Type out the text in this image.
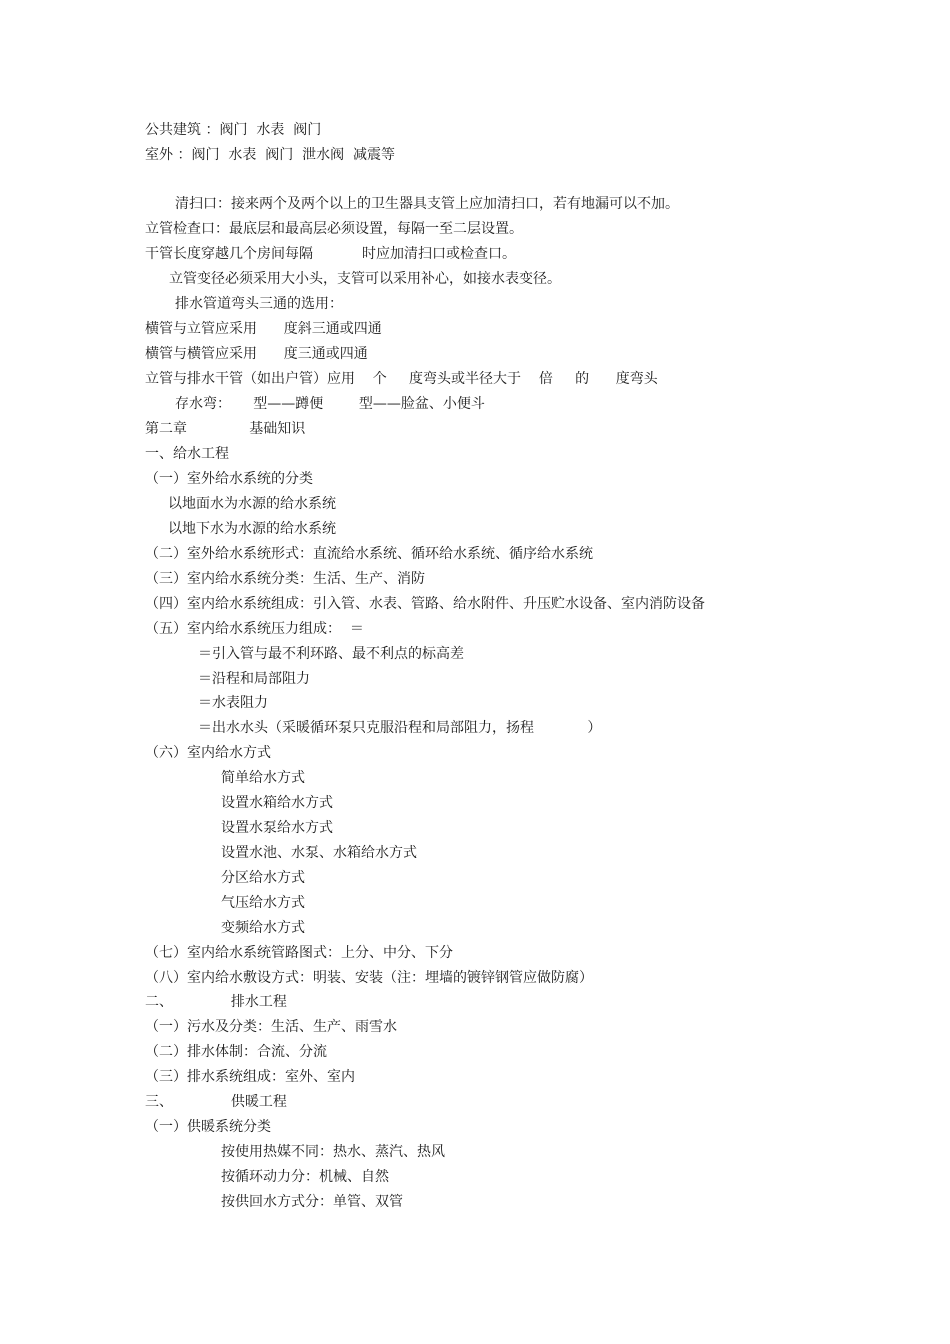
公共建筑 ：阀门  水表  阀门

室外 ：阀门  水表  阀门  泄水阀  减震等

清扫口：接来两个及两个以上的卫生器具支管上应加清扫口，若有地漏可以不加。

立管检查口：最底层和最高层必须设置，每隔一至二层设置。

干管长度穿越几个房间每隔           时应加清扫口或检查口。

立管变径必须采用大小头，支管可以采用补心，如接水表变径。

排水管道弯头三通的选用：

横管与立管应采用      度斜三通或四通

横管与横管应采用      度三通或四通

立管与排水干管（如出户管）应用    个     度弯头或半径大于    倍     的      度弯头

存水弯：     型——蹲便        型——脸盆、小便斗

第二章              基础知识

一、给水工程

（一）室外给水系统的分类

以地面水为水源的给水系统

以地下水为水源的给水系统

（二）室外给水系统形式：直流给水系统、循环给水系统、循序给水系统

（三）室内给水系统分类：生活、生产、消防

（四）室内给水系统组成：引入管、水表、管路、给水附件、升压贮水设备、室内消防设备

（五）室内给水系统压力组成：  ＝

＝引入管与最不利环路、最不利点的标高差

＝沿程和局部阻力

＝水表阻力

＝出水水头（采暖循环泵只克服沿程和局部阻力，扬程            ）

（六）室内给水方式

简单给水方式

设置水箱给水方式

设置水泵给水方式

设置水池、水泵、水箱给水方式

分区给水方式

气压给水方式

变频给水方式

（七）室内给水系统管路图式：上分、中分、下分

（八）室内给水敷设方式：明装、安装（注：埋墙的镀锌钢管应做防腐）

二、             排水工程

（一）污水及分类：生活、生产、雨雪水

（二）排水体制：合流、分流

（三）排水系统组成：室外、室内

三、             供暖工程

（一）供暖系统分类

按使用热媒不同：热水、蒸汽、热风

按循环动力分：机械、自然

按供回水方式分：单管、双管
